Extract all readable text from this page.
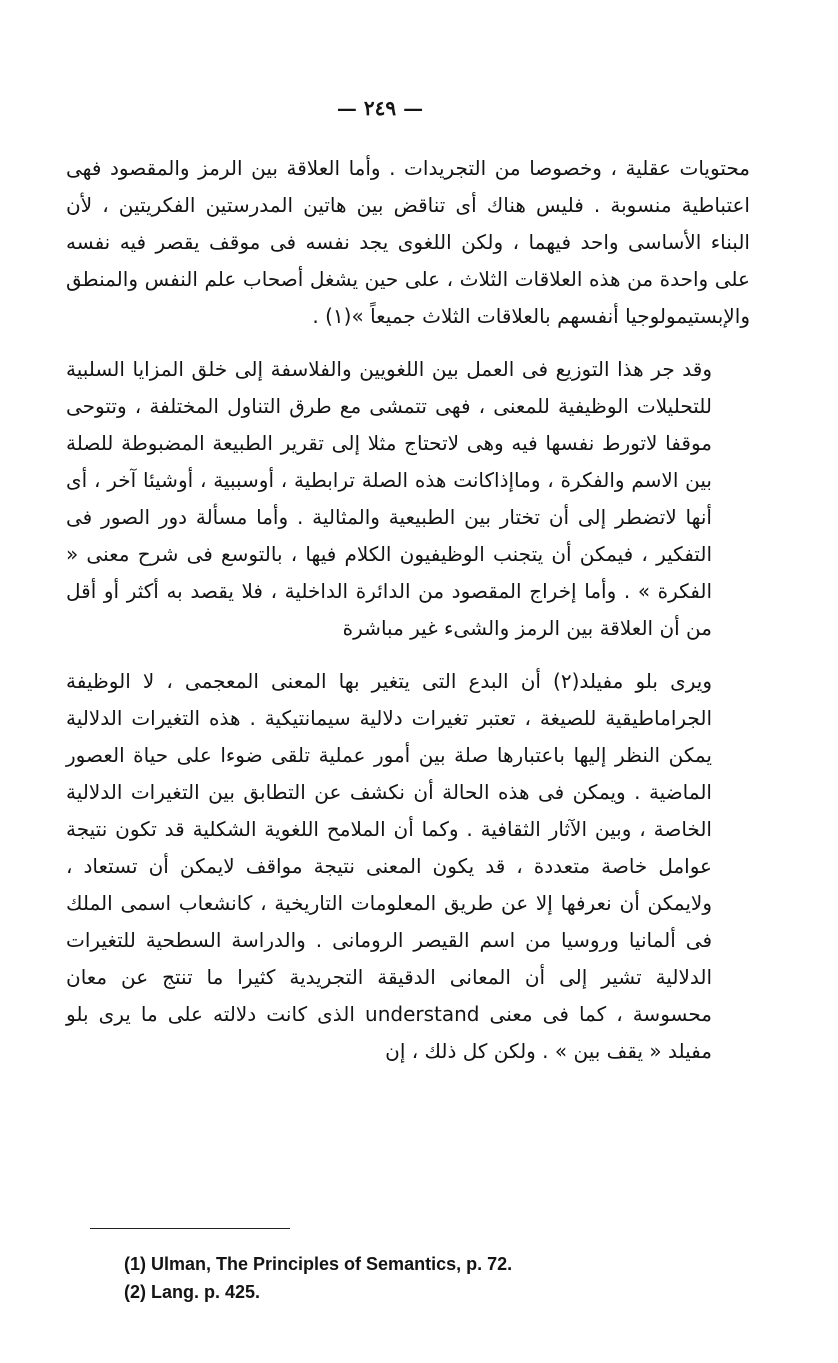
— ٢٤٩ —

محتويات عقلية ، وخصوصا من التجريدات . وأما العلاقة بين الرمز والمقصود فهى اعتباطية منسوبة . فليس هناك أى تناقض بين هاتين المدرستين الفكريتين ، لأن البناء الأساسى واحد فيهما ، ولكن اللغوى يجد نفسه فى موقف يقصر فيه نفسه على واحدة من هذه العلاقات الثلاث ، على حين يشغل أصحاب علم النفس والمنطق والإبستيمولوجيا أنفسهم بالعلاقات الثلاث جميعاً »(١) .

وقد جر هذا التوزيع فى العمل بين اللغويين والفلاسفة إلى خلق المزايا السلبية للتحليلات الوظيفية للمعنى ، فهى تتمشى مع طرق التناول المختلفة ، وتتوحى موقفا لاتورط نفسها فيه وهى لاتحتاج مثلا إلى تقرير الطبيعة المضبوطة للصلة بين الاسم والفكرة ، وماإذاكانت هذه الصلة ترابطية ، أوسببية ، أوشيئا آخر ، أى أنها لاتضطر إلى أن تختار بين الطبيعية والمثالية . وأما مسألة دور الصور فى التفكير ، فيمكن أن يتجنب الوظيفيون الكلام فيها ، بالتوسع فى شرح معنى « الفكرة » . وأما إخراج المقصود من الدائرة الداخلية ، فلا يقصد به أكثر أو أقل من أن العلاقة بين الرمز والشىء غير مباشرة

ويرى بلو مفيلد(٢) أن البدع التى يتغير بها المعنى المعجمى ، لا الوظيفة الجراماطيقية للصيغة ، تعتبر تغيرات دلالية سيمانتيكية . هذه التغيرات الدلالية يمكن النظر إليها باعتبارها صلة بين أمور عملية تلقى ضوءا على حياة العصور الماضية . ويمكن فى هذه الحالة أن نكشف عن التطابق بين التغيرات الدلالية الخاصة ، وبين الآثار الثقافية . وكما أن الملامح اللغوية الشكلية قد تكون نتيجة عوامل خاصة متعددة ، قد يكون المعنى نتيجة مواقف لايمكن أن تستعاد ، ولايمكن أن نعرفها إلا عن طريق المعلومات التاريخية ، كانشعاب اسمى الملك فى ألمانيا وروسيا من اسم القيصر الرومانى . والدراسة السطحية للتغيرات الدلالية تشير إلى أن المعانى الدقيقة التجريدية كثيرا ما تنتج عن معان محسوسة ، كما فى معنى understand الذى كانت دلالته على ما يرى بلو مفيلد « يقف بين » . ولكن كل ذلك ، إن

(1) Ulman, The Principles of Semantics, p. 72.
(2) Lang. p. 425.
